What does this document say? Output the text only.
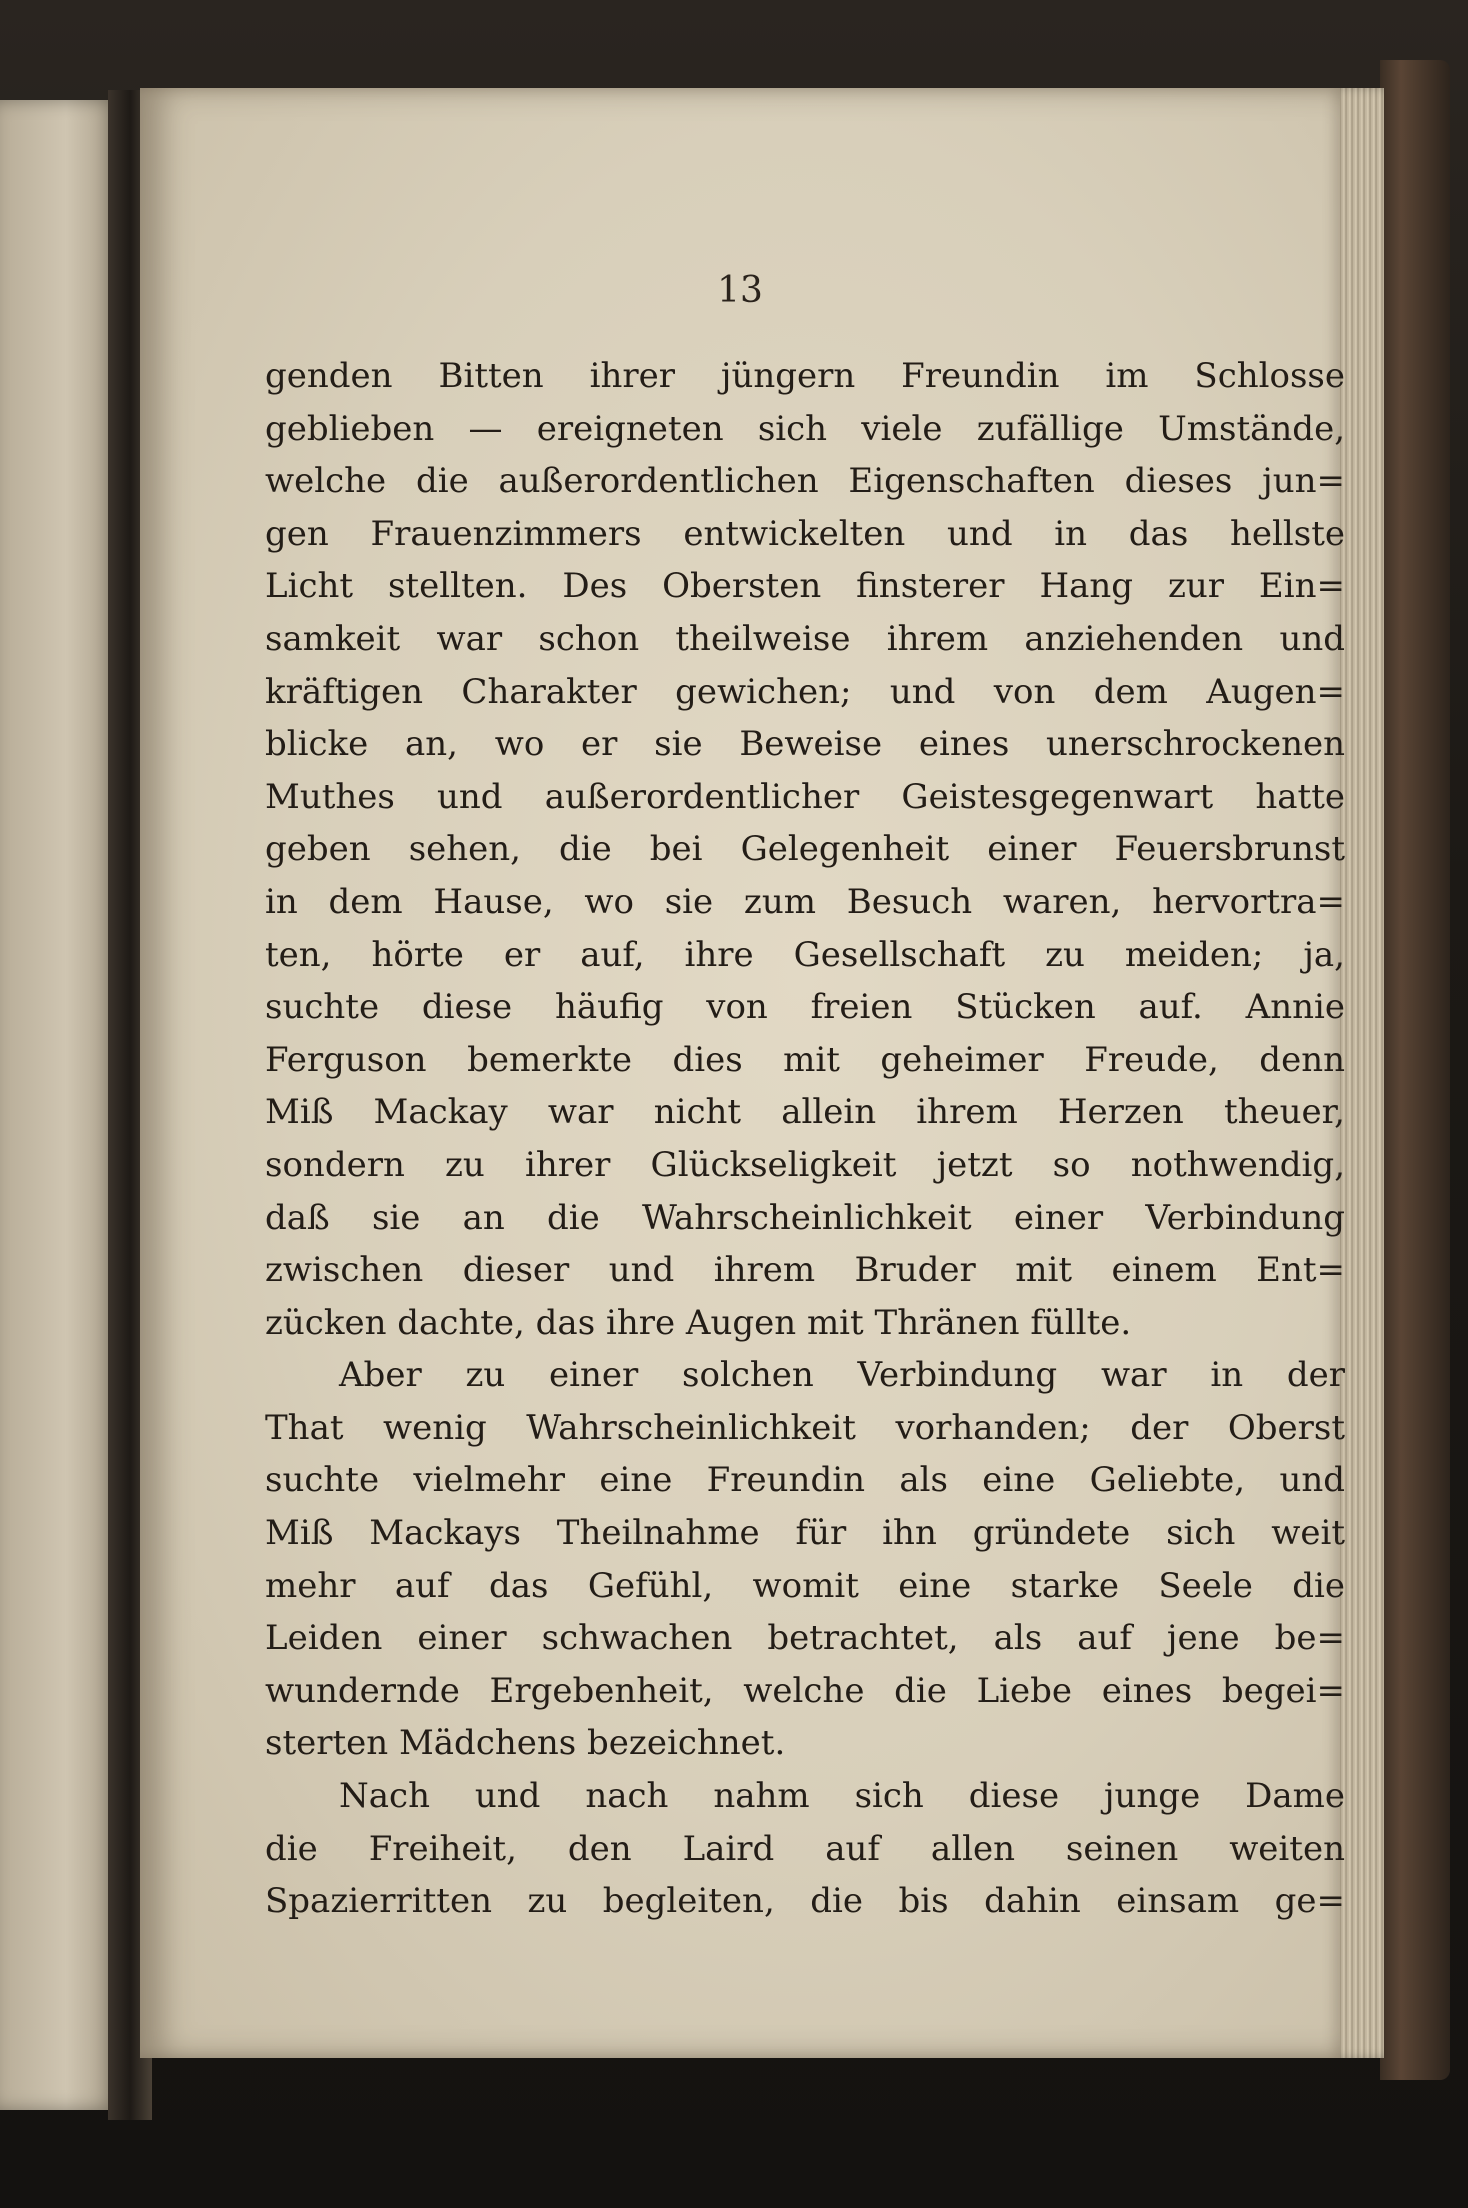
13

genden Bitten ihrer jüngern Freundin im Schlosse
geblieben — ereigneten sich viele zufällige Umstände,
welche die außerordentlichen Eigenschaften dieses jun=
gen Frauenzimmers entwickelten und in das hellste
Licht stellten. Des Obersten finsterer Hang zur Ein=
samkeit war schon theilweise ihrem anziehenden und
kräftigen Charakter gewichen; und von dem Augen=
blicke an, wo er sie Beweise eines unerschrockenen
Muthes und außerordentlicher Geistesgegenwart hatte
geben sehen, die bei Gelegenheit einer Feuersbrunst
in dem Hause, wo sie zum Besuch waren, hervortra=
ten, hörte er auf, ihre Gesellschaft zu meiden; ja,
suchte diese häufig von freien Stücken auf. Annie
Ferguson bemerkte dies mit geheimer Freude, denn
Miß Mackay war nicht allein ihrem Herzen theuer,
sondern zu ihrer Glückseligkeit jetzt so nothwendig,
daß sie an die Wahrscheinlichkeit einer Verbindung
zwischen dieser und ihrem Bruder mit einem Ent=
zücken dachte, das ihre Augen mit Thränen füllte.
Aber zu einer solchen Verbindung war in der
That wenig Wahrscheinlichkeit vorhanden; der Oberst
suchte vielmehr eine Freundin als eine Geliebte, und
Miß Mackays Theilnahme für ihn gründete sich weit
mehr auf das Gefühl, womit eine starke Seele die
Leiden einer schwachen betrachtet, als auf jene be=
wundernde Ergebenheit, welche die Liebe eines begei=
sterten Mädchens bezeichnet.
Nach und nach nahm sich diese junge Dame
die Freiheit, den Laird auf allen seinen weiten
Spazierritten zu begleiten, die bis dahin einsam ge=
